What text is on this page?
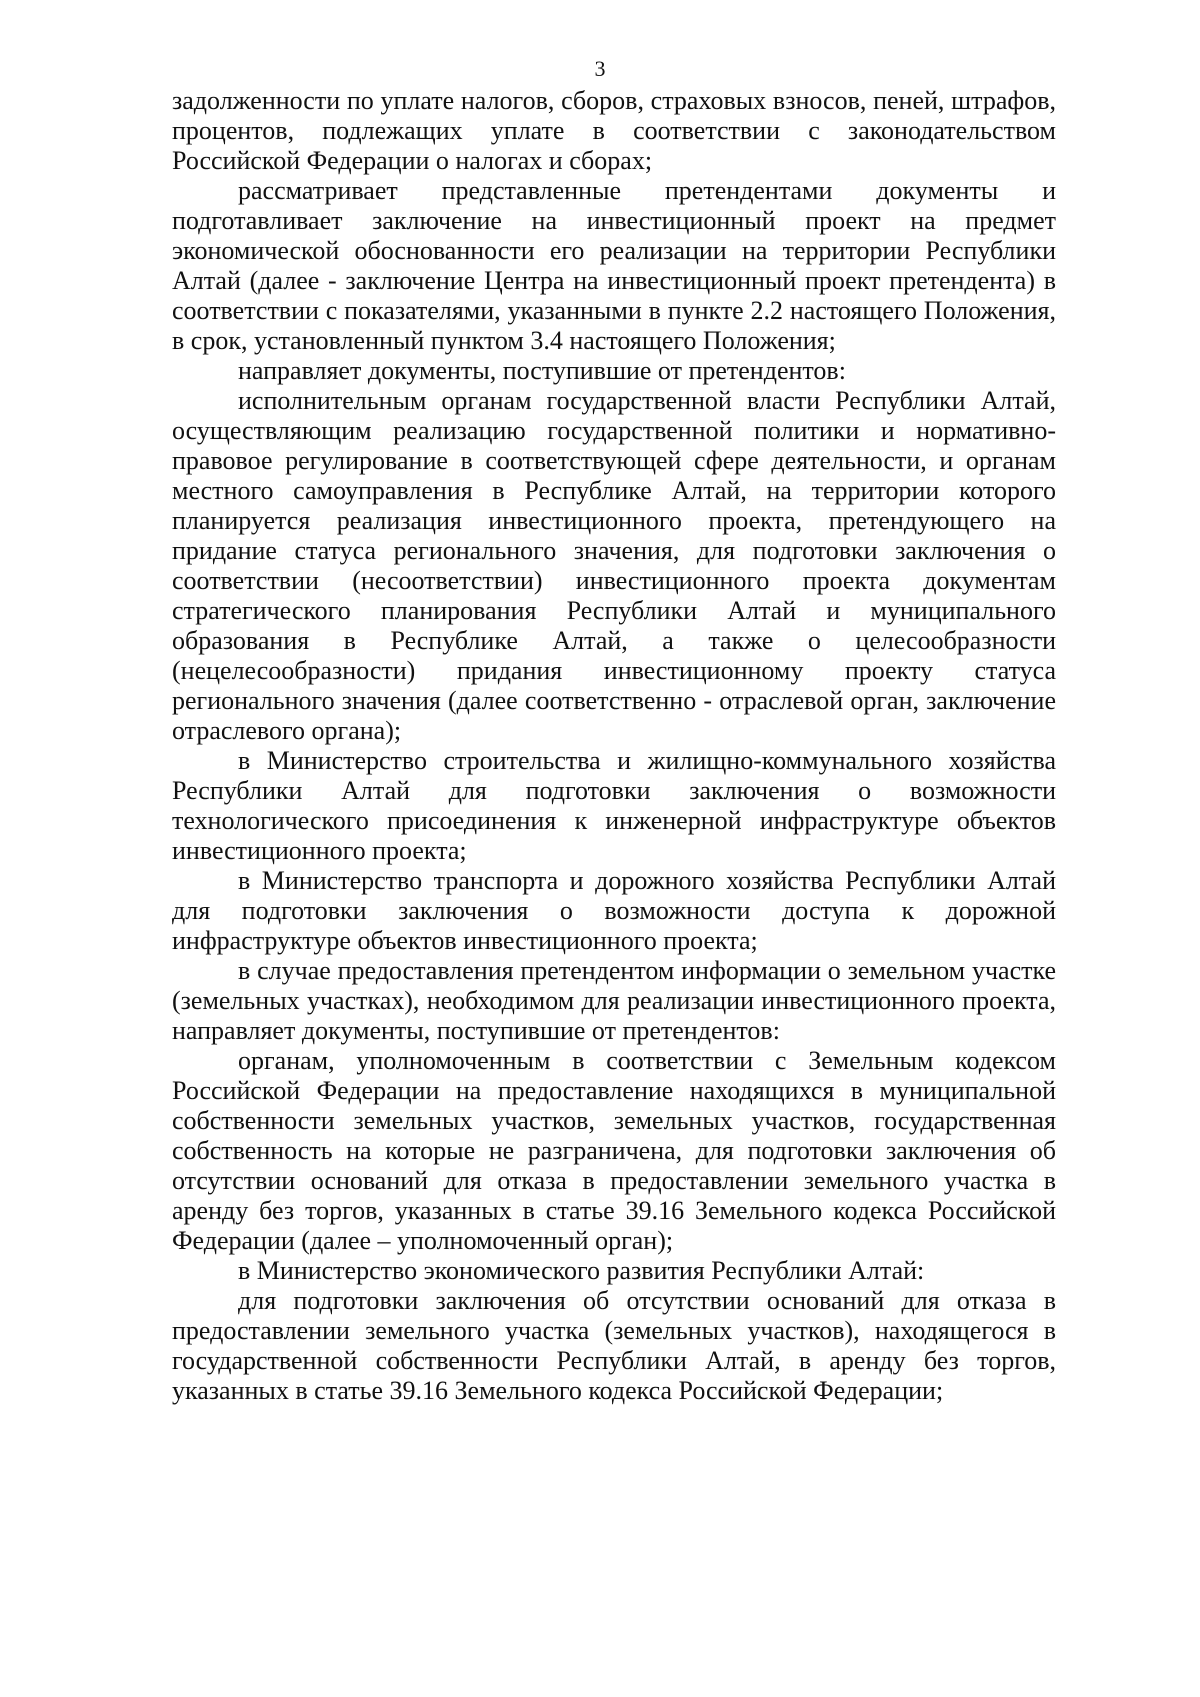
3

задолженности по уплате налогов, сборов, страховых взносов, пеней, штрафов, процентов, подлежащих уплате в соответствии с законодательством Российской Федерации о налогах и сборах;

рассматривает представленные претендентами документы и подготавливает заключение на инвестиционный проект на предмет экономической обоснованности его реализации на территории Республики Алтай (далее - заключение Центра на инвестиционный проект претендента) в соответствии с показателями, указанными в пункте 2.2 настоящего Положения, в срок, установленный пунктом 3.4 настоящего Положения;

направляет документы, поступившие от претендентов:

исполнительным органам государственной власти Республики Алтай, осуществляющим реализацию государственной политики и нормативно-правовое регулирование в соответствующей сфере деятельности, и органам местного самоуправления в Республике Алтай, на территории которого планируется реализация инвестиционного проекта, претендующего на придание статуса регионального значения, для подготовки заключения о соответствии (несоответствии) инвестиционного проекта документам стратегического планирования Республики Алтай и муниципального образования в Республике Алтай, а также о целесообразности (нецелесообразности) придания инвестиционному проекту статуса регионального значения (далее соответственно - отраслевой орган, заключение отраслевого органа);

в Министерство строительства и жилищно-коммунального хозяйства Республики Алтай для подготовки заключения о возможности технологического присоединения к инженерной инфраструктуре объектов инвестиционного проекта;

в Министерство транспорта и дорожного хозяйства Республики Алтай для подготовки заключения о возможности доступа к дорожной инфраструктуре объектов инвестиционного проекта;

в случае предоставления претендентом информации о земельном участке (земельных участках), необходимом для реализации инвестиционного проекта, направляет документы, поступившие от претендентов:

органам, уполномоченным в соответствии с Земельным кодексом Российской Федерации на предоставление находящихся в муниципальной собственности земельных участков, земельных участков, государственная собственность на которые не разграничена, для подготовки заключения об отсутствии оснований для отказа в предоставлении земельного участка в аренду без торгов, указанных в статье 39.16 Земельного кодекса Российской Федерации (далее – уполномоченный орган);

в Министерство экономического развития Республики Алтай:

для подготовки заключения об отсутствии оснований для отказа в предоставлении земельного участка (земельных участков), находящегося в государственной собственности Республики Алтай, в аренду без торгов, указанных в статье 39.16 Земельного кодекса Российской Федерации;
